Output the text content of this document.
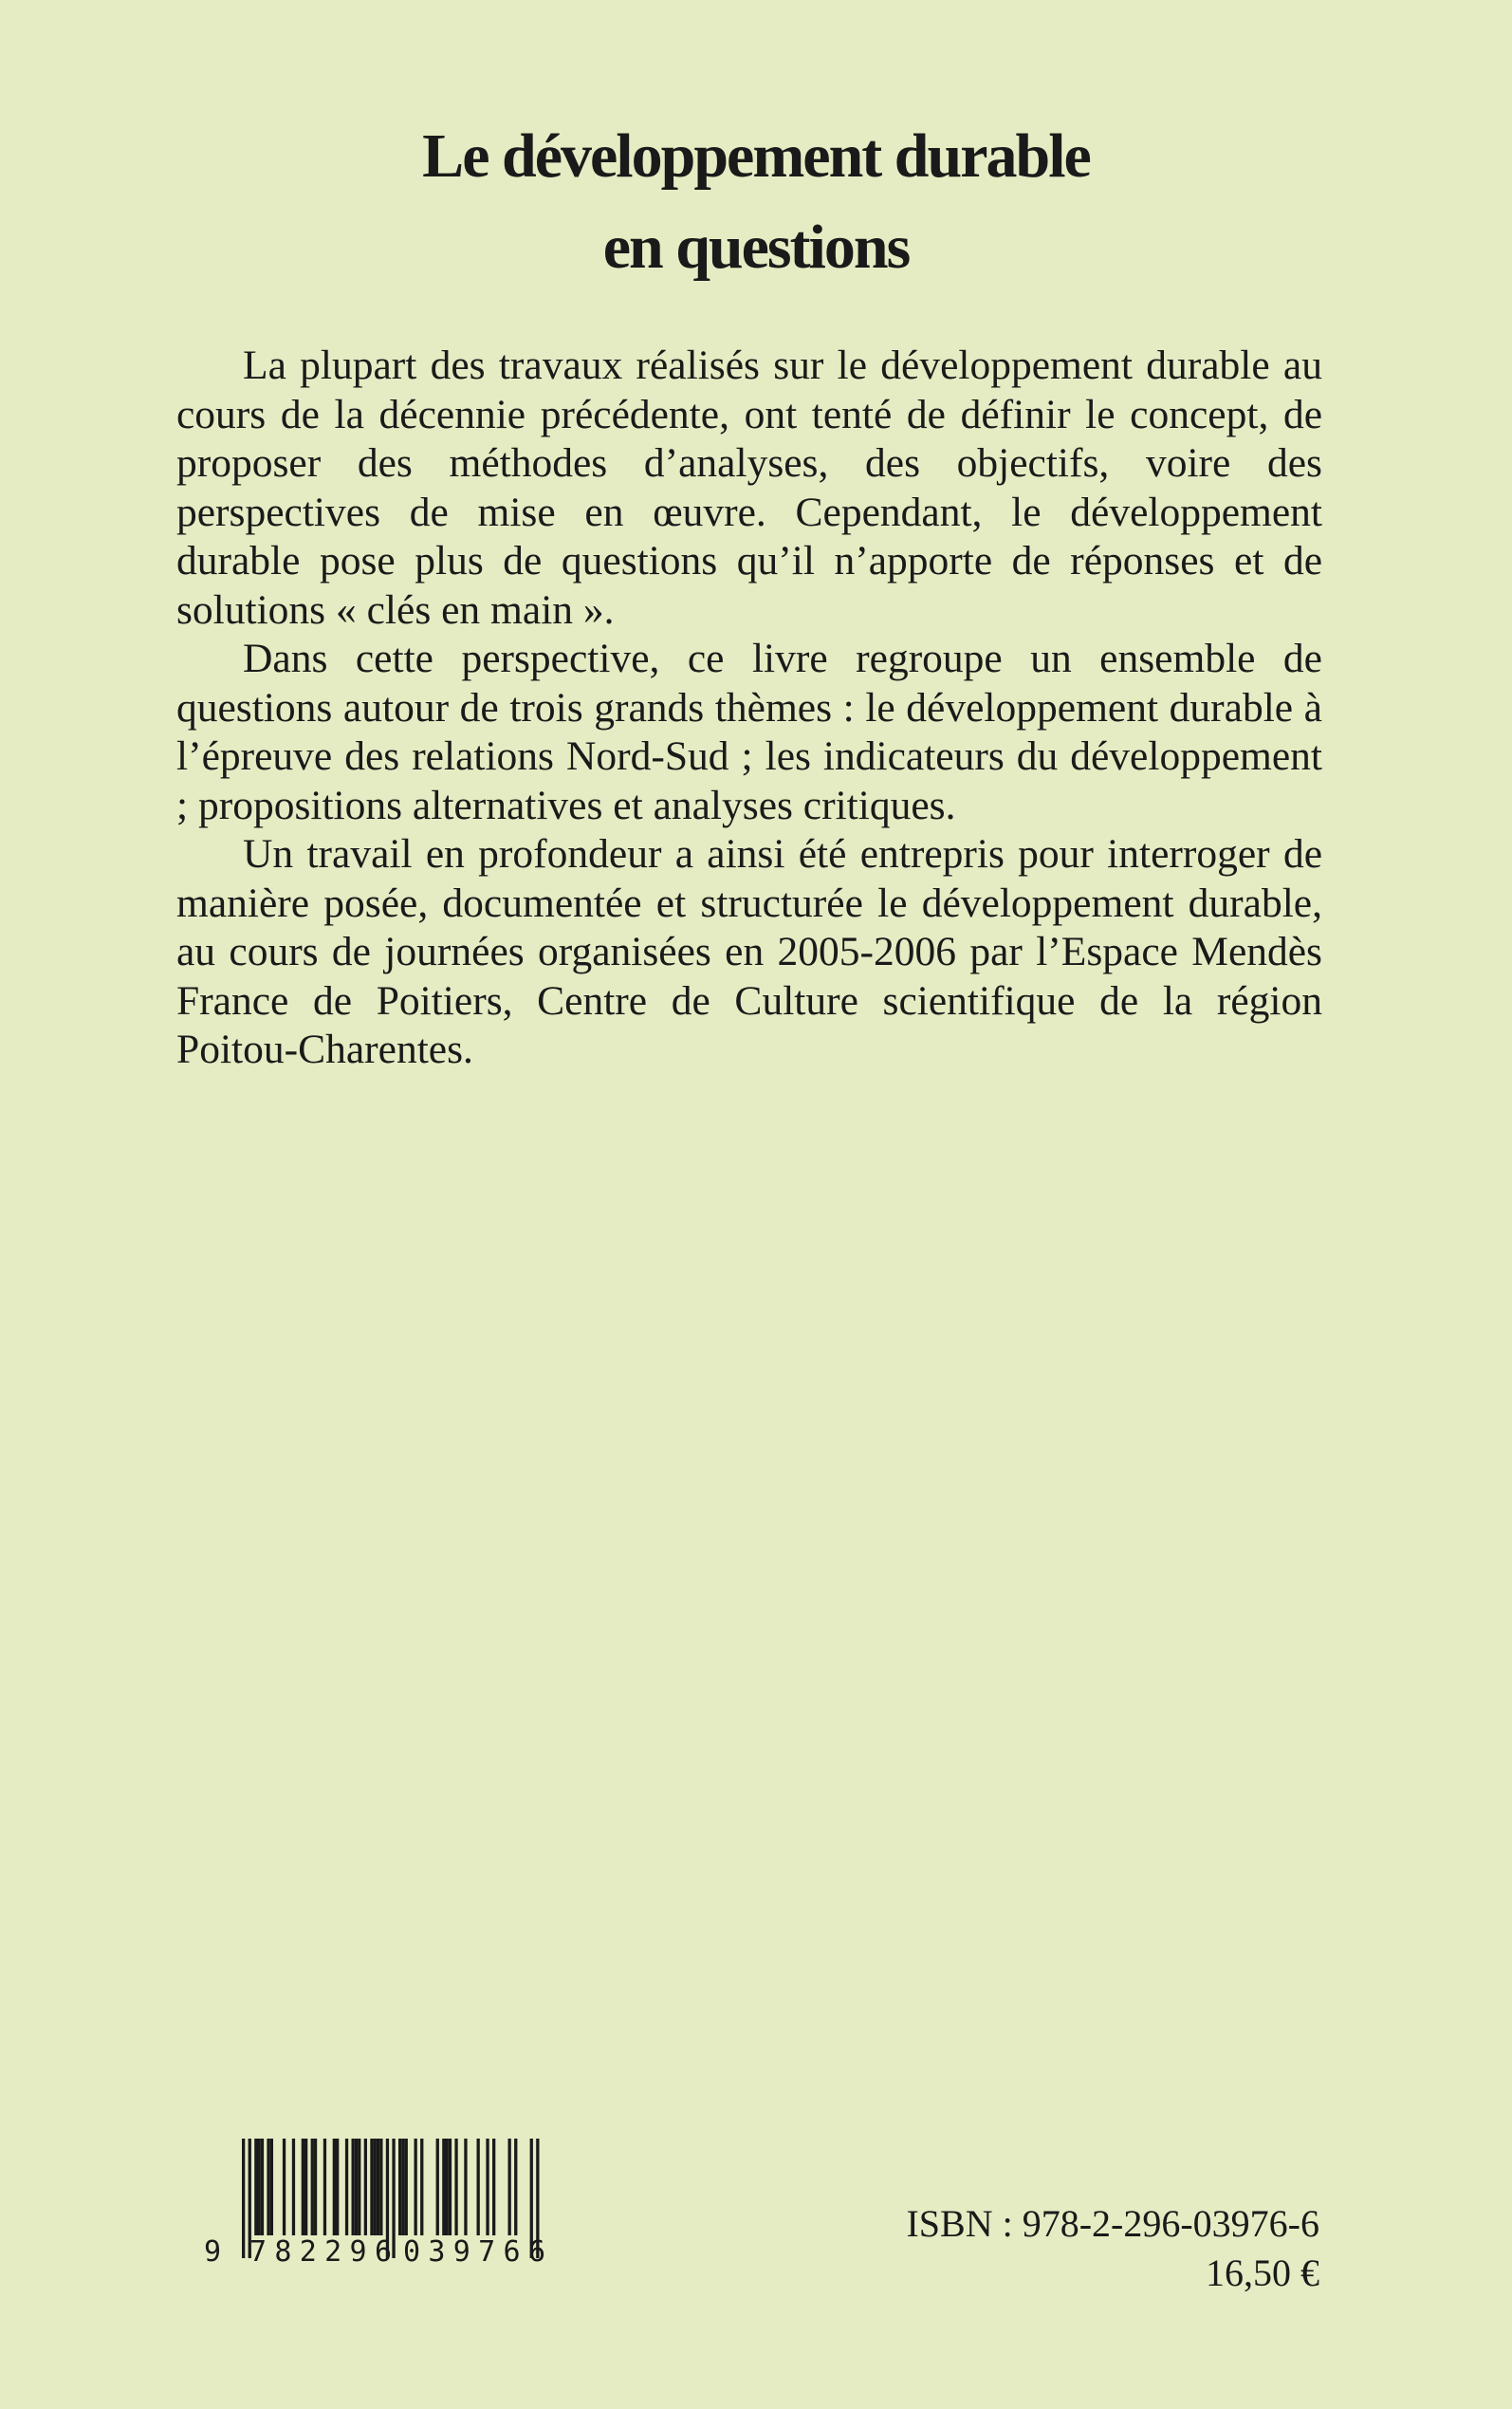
Le développement durable
en questions

La plupart des travaux réalisés sur le développement durable au cours de la décennie précédente, ont tenté de définir le concept, de proposer des méthodes d’analyses, des objectifs, voire des perspectives de mise en œuvre. Cependant, le développement durable pose plus de questions qu’il n’apporte de réponses et de solutions « clés en main ».

Dans cette perspective, ce livre regroupe un ensemble de questions autour de trois grands thèmes : le développement durable à l’épreuve des relations Nord-Sud ; les indicateurs du développement ; propositions alternatives et analyses critiques.

Un travail en profondeur a ainsi été entrepris pour interroger de manière posée, documentée et structurée le développement durable, au cours de journées organisées en 2005-2006 par l’Espace Mendès France de Poitiers, Centre de Culture scientifique de la région Poitou-Charentes.

9 782296 039766
ISBN : 978-2-296-03976-6
16,50 €
